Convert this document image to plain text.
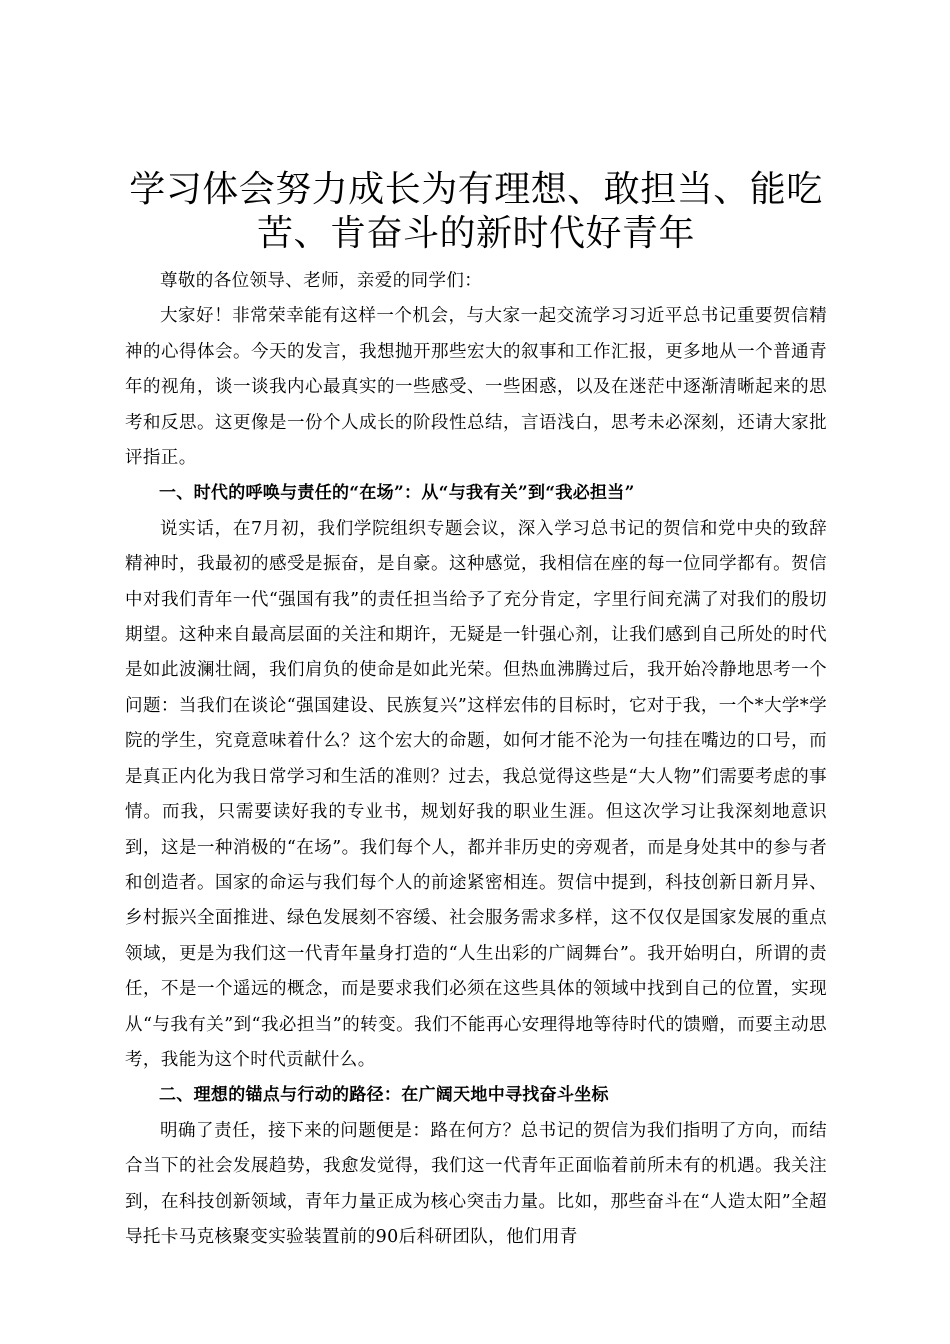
学习体会努力成长为有理想、敢担当、能吃苦、肯奋斗的新时代好青年

尊敬的各位领导、老师，亲爱的同学们：

大家好！非常荣幸能有这样一个机会，与大家一起交流学习习近平总书记重要贺信精神的心得体会。今天的发言，我想抛开那些宏大的叙事和工作汇报，更多地从一个普通青年的视角，谈一谈我内心最真实的一些感受、一些困惑，以及在迷茫中逐渐清晰起来的思考和反思。这更像是一份个人成长的阶段性总结，言语浅白，思考未必深刻，还请大家批评指正。

一、时代的呼唤与责任的“在场”：从“与我有关”到“我必担当”

说实话，在7月初，我们学院组织专题会议，深入学习总书记的贺信和党中央的致辞精神时，我最初的感受是振奋，是自豪。这种感觉，我相信在座的每一位同学都有。贺信中对我们青年一代“强国有我”的责任担当给予了充分肯定，字里行间充满了对我们的殷切期望。这种来自最高层面的关注和期许，无疑是一针强心剂，让我们感到自己所处的时代是如此波澜壮阔，我们肩负的使命是如此光荣。但热血沸腾过后，我开始冷静地思考一个问题：当我们在谈论“强国建设、民族复兴”这样宏伟的目标时，它对于我，一个*大学*学院的学生，究竟意味着什么？这个宏大的命题，如何才能不沦为一句挂在嘴边的口号，而是真正内化为我日常学习和生活的准则？过去，我总觉得这些是“大人物”们需要考虑的事情。而我，只需要读好我的专业书，规划好我的职业生涯。但这次学习让我深刻地意识到，这是一种消极的“在场”。我们每个人，都并非历史的旁观者，而是身处其中的参与者和创造者。国家的命运与我们每个人的前途紧密相连。贺信中提到，科技创新日新月异、乡村振兴全面推进、绿色发展刻不容缓、社会服务需求多样，这不仅仅是国家发展的重点领域，更是为我们这一代青年量身打造的“人生出彩的广阔舞台”。我开始明白，所谓的责任，不是一个遥远的概念，而是要求我们必须在这些具体的领域中找到自己的位置，实现从“与我有关”到“我必担当”的转变。我们不能再心安理得地等待时代的馈赠，而要主动思考，我能为这个时代贡献什么。

二、理想的锚点与行动的路径：在广阔天地中寻找奋斗坐标

明确了责任，接下来的问题便是：路在何方？总书记的贺信为我们指明了方向，而结合当下的社会发展趋势，我愈发觉得，我们这一代青年正面临着前所未有的机遇。我关注到，在科技创新领域，青年力量正成为核心突击力量。比如，那些奋斗在“人造太阳”全超导托卡马克核聚变实验装置前的90后科研团队，他们用青
